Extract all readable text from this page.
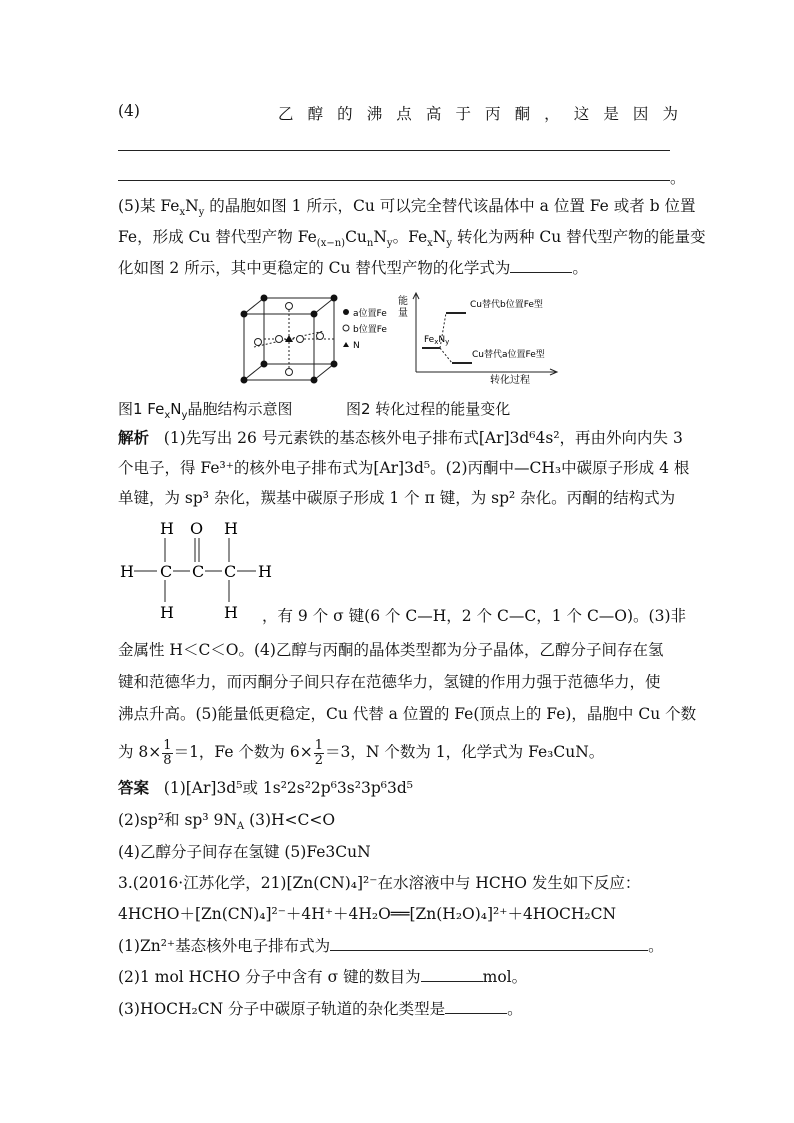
(4)	乙醇的沸点高于丙酮，这是因为
。
(5)某 $Fe_xN_y$ 的晶胞如图 1 所示，Cu 可以完全替代该晶体中 a 位置 Fe 或者 b 位置
Fe，形成 Cu 替代型产物 $Fe_{(x-n)}Cu_nN_y$。$Fe_xN_y$ 转化为两种 Cu 替代型产物的能量变
化如图 2 所示，其中更稳定的 Cu 替代型产物的化学式为	。
a位置Fe
b位置Fe
N
能
量
Cu替代b位置Fe型
$Fe_xN_y$
Cu替代a位置Fe型
转化过程
图1 $Fe_xN_y$晶胞结构示意图	图2 转化过程的能量变化
解析 (1)先写出 26 号元素铁的基态核外电子排布式[Ar]3d⁶4s²，再由外向内失 3
个电子，得 Fe³⁺的核外电子排布式为[Ar]3d⁵。(2)丙酮中—CH₃中碳原子形成 4 根
单键，为 sp³ 杂化，羰基中碳原子形成 1 个 π 键，为 sp² 杂化。丙酮的结构式为
H O H
H C C C H
H	H ，有 9 个 σ 键(6 个 C—H，2 个 C—C，1 个 C—O)。(3)非
金属性 H＜C＜O。(4)乙醇与丙酮的晶体类型都为分子晶体，乙醇分子间存在氢
键和范德华力，而丙酮分子间只存在范德华力，氢键的作用力强于范德华力，使
沸点升高。(5)能量低更稳定，Cu 代替 a 位置的 Fe(顶点上的 Fe)，晶胞中 Cu 个数
为 $8\times \frac{1}{8} =1$，Fe 个数为 $6\times \frac{1}{2} =3$，N 个数为 1，化学式为 Fe₃CuN。
答案 (1)[Ar]3d⁵或 1s²2s²2p⁶3s²3p⁶3d⁵
(2)sp²和 sp³ $9N_A$ (3)H<C<O
(4)乙醇分子间存在氢键 (5)Fe3CuN
3.(2016·江苏化学，21)[Zn(CN)₄]²⁻在水溶液中与 HCHO 发生如下反应：
4HCHO＋[Zn(CN)₄]²⁻＋4H⁺＋4H₂O══[Zn(H₂O)₄]²⁺＋4HOCH₂CN
(1)Zn²⁺基态核外电子排布式为	。
(2)1 mol HCHO 分子中含有 σ 键的数目为	mol。
(3)HOCH₂CN 分子中碳原子轨道的杂化类型是	。
